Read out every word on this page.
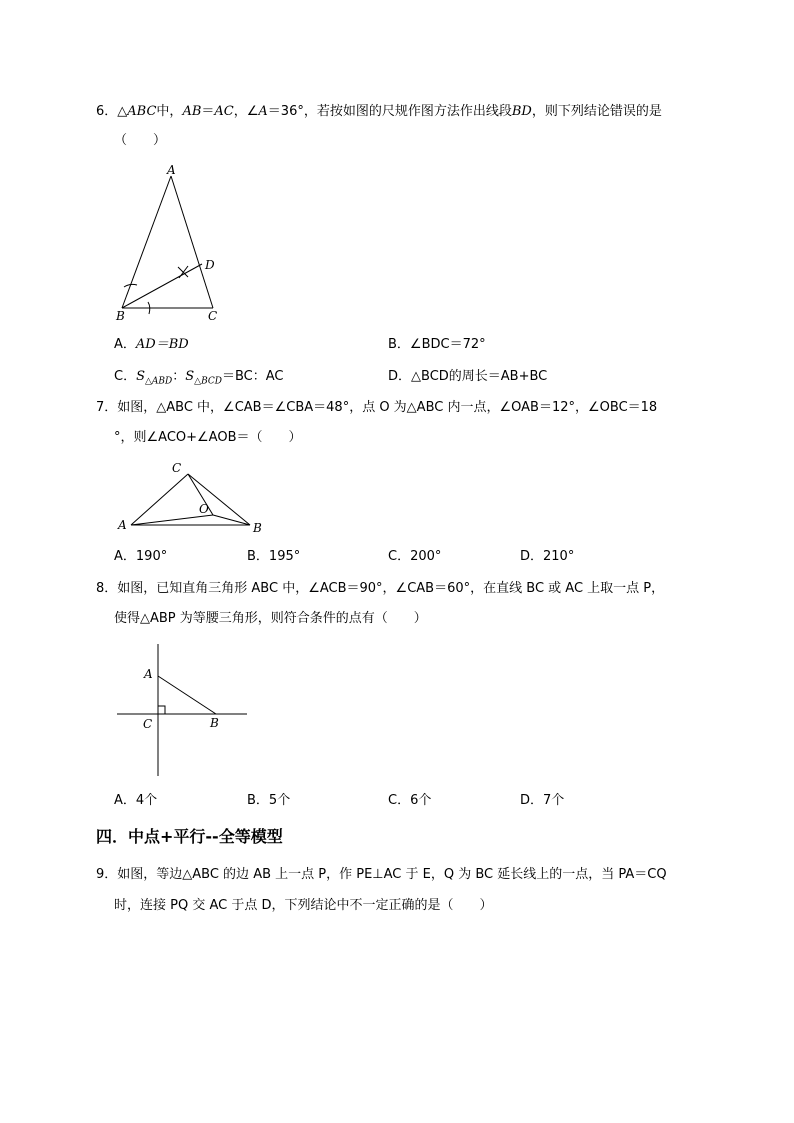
6．△ABC中，AB＝AC，∠A＝36°，若按如图的尺规作图方法作出线段BD，则下列结论错误的是
（　　）
A
B	C
D
A．AD＝BD	B．∠BDC＝72°
C．$S_{\triangle ABD}$：$S_{\triangle BCD}=BC$：AC	D．△BCD的周长＝AB+BC
7．如图，△ABC 中，∠CAB＝∠CBA＝48°，点 O 为△ABC 内一点，∠OAB＝12°，∠OBC＝18
°，则∠ACO+∠AOB＝（　　）
C
A	B
O
A．190°	B．195°	C．200°	D．210°
8．如图，已知直角三角形 ABC 中，∠ACB＝90°，∠CAB＝60°，在直线 BC 或 AC 上取一点 P，
使得△ABP 为等腰三角形，则符合条件的点有（　　）
A
C	B
A．4个	B．5个	C．6个	D．7个
四．中点+平行--全等模型
9．如图，等边△ABC 的边 AB 上一点 P，作 PE⊥AC 于 E，Q 为 BC 延长线上的一点，当 PA＝CQ
时，连接 PQ 交 AC 于点 D，下列结论中不一定正确的是（　　）
